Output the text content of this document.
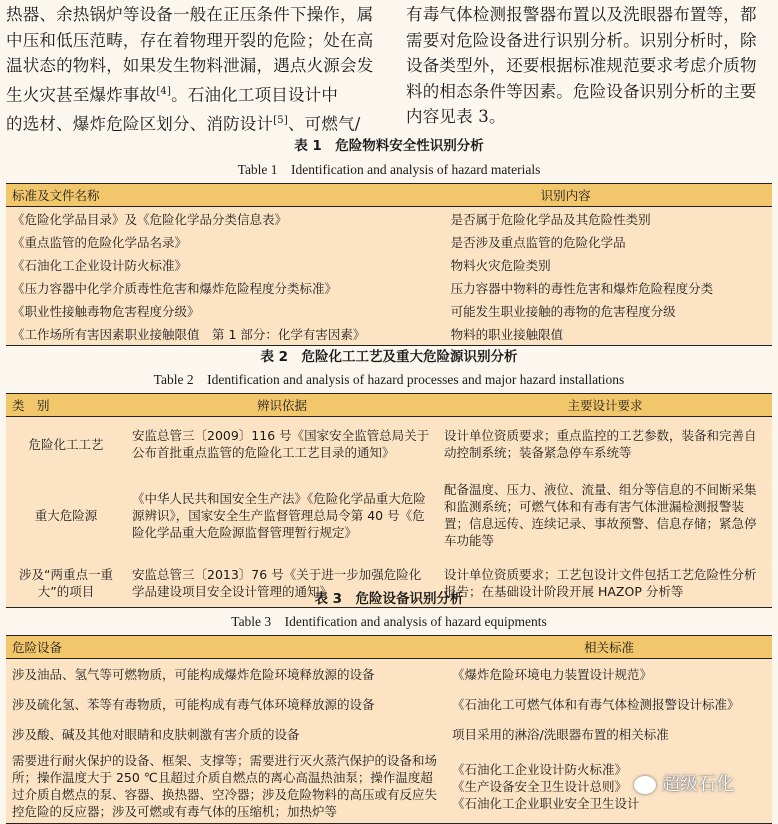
热器、余热锅炉等设备一般在正压条件下操作，属

中压和低压范畴，存在着物理开裂的危险；处在高

温状态的物料，如果发生物料泄漏，遇点火源会发

生火灾甚至爆炸事故[4]。石油化工项目设计中

的选材、爆炸危险区划分、消防设计[5]、可燃气/

有毒气体检测报警器布置以及洗眼器布置等，都

需要对危险设备进行识别分析。识别分析时，除

设备类型外，还要根据标准规范要求考虑介质物

料的相态条件等因素。危险设备识别分析的主要

内容见表 3。

表 1　危险物料安全性识别分析
Table 1　Identification and analysis of hazard materials
标准及文件名称	识别内容
《危险化学品目录》及《危险化学品分类信息表》	是否属于危险化学品及其危险性类别
《重点监管的危险化学品名录》	是否涉及重点监管的危险化学品
《石油化工企业设计防火标准》	物料火灾危险类别
《压力容器中化学介质毒性危害和爆炸危险程度分类标准》	压力容器中物料的毒性危害和爆炸危险程度分类
《职业性接触毒物危害程度分级》	可能发生职业接触的毒物的危害程度分级
《工作场所有害因素职业接触限值　第 1 部分：化学有害因素》	物料的职业接触限值
表 2　危险化工工艺及重大危险源识别分析
Table 2　Identification and analysis of hazard processes and major hazard installations
类　别	辨识依据	主要设计要求
危险化工工艺	安监总管三〔2009〕116 号《国家安全监管总局关于公布首批重点监管的危险化工工艺目录的通知》	设计单位资质要求；重点监控的工艺参数，装备和完善自动控制系统；装备紧急停车系统等
重大危险源	《中华人民共和国安全生产法》《危险化学品重大危险源辨识》，国家安全生产监督管理总局令第 40 号《危险化学品重大危险源监督管理暂行规定》	配备温度、压力、液位、流量、组分等信息的不间断采集和监测系统；可燃气体和有毒有害气体泄漏检测报警装置；信息远传、连续记录、事故预警、信息存储；紧急停车功能等
涉及“两重点一重大”的项目	安监总管三〔2013〕76 号《关于进一步加强危险化学品建设项目安全设计管理的通知》	设计单位资质要求；工艺包设计文件包括工艺危险性分析报告；在基础设计阶段开展 HAZOP 分析等
表 3　危险设备识别分析
Table 3　Identification and analysis of hazard equipments
危险设备	相关标准
涉及油品、氢气等可燃物质，可能构成爆炸危险环境释放源的设备	《爆炸危险环境电力装置设计规范》
涉及硫化氢、苯等有毒物质，可能构成有毒气体环境释放源的设备	《石油化工可燃气体和有毒气体检测报警设计标准》
涉及酸、碱及其他对眼睛和皮肤刺激有害介质的设备	项目采用的淋浴/洗眼器布置的相关标准
需要进行耐火保护的设备、框架、支撑等；需要进行灭火蒸汽保护的设备和场所；操作温度大于 250 ℃且超过介质自燃点的离心高温热油泵；操作温度超过介质自燃点的泵、容器、换热器、空冷器；涉及危险物料的高压或有反应失控危险的反应器；涉及可燃或有毒气体的压缩机；加热炉等	《石油化工企业设计防火标准》
《生产设备安全卫生设计总则》
《石油化工企业职业安全卫生设计
超级石化
